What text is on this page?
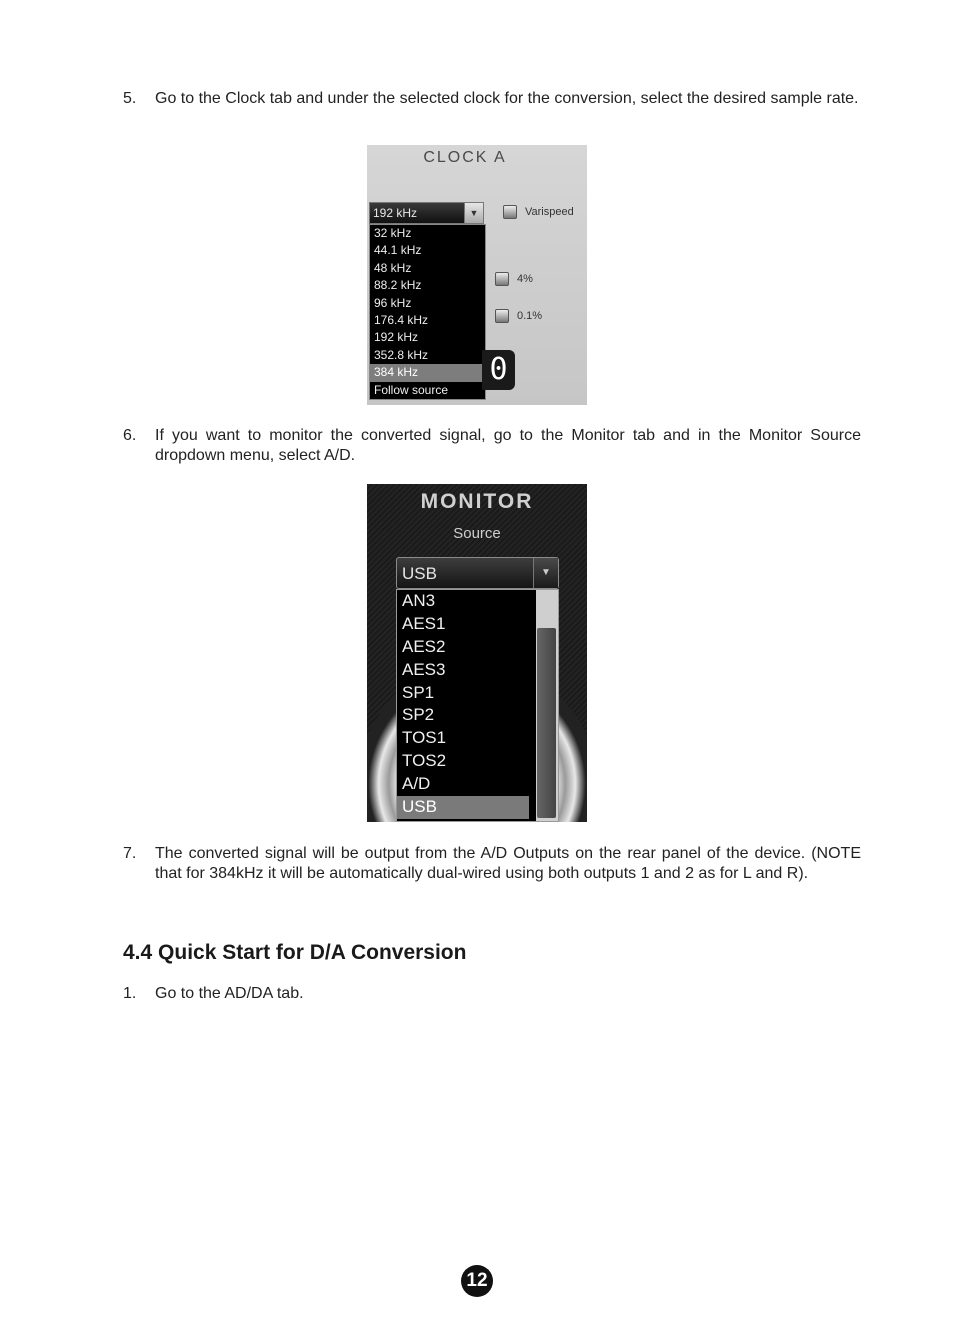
5. Go to the Clock tab and under the selected clock for the conversion, select the desired sample rate.
CLOCK A
192 kHz	▼
32 kHz
44.1 kHz
48 kHz
88.2 kHz
96 kHz
176.4 kHz
192 kHz
352.8 kHz
384 kHz
Follow source
Varispeed
4%
0.1%
0
6. If you want to monitor the converted signal, go to the Monitor tab and in the Monitor Source dropdown menu, select A/D.
MONITOR
Source
USB	▼
AN3
AES1
AES2
AES3
SP1
SP2
TOS1
TOS2
A/D
USB
7. The converted signal will be output from the A/D Outputs on the rear panel of the device. (NOTE that for 384kHz it will be automatically dual-wired using both outputs 1 and 2 as for L and R).
4.4 Quick Start for D/A Conversion
1. Go to the AD/DA tab.
12
